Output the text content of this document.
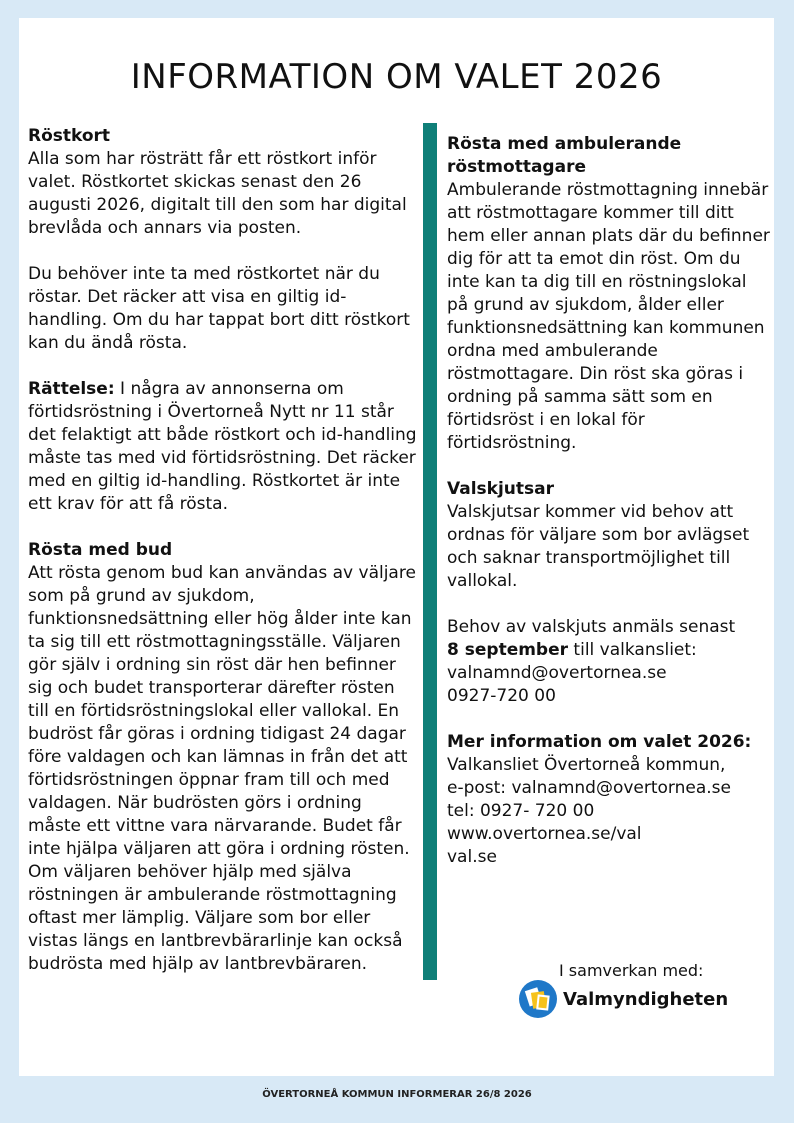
INFORMATION OM VALET 2026
Röstkort

Alla som har rösträtt får ett röstkort inför valet. Röstkortet skickas senast den 26 augusti 2026, digitalt till den som har digital brevlåda och annars via posten.

Du behöver inte ta med röstkortet när du röstar. Det räcker att visa en giltig id-handling. Om du har tappat bort ditt röstkort kan du ändå rösta.

Rättelse: I några av annonserna om förtidsröstning i Övertorneå Nytt nr 11 står det felaktigt att både röstkort och id-handling måste tas med vid förtidsröstning. Det räcker med en giltig id-handling. Röstkortet är inte ett krav för att få rösta.

Rösta med bud

Att rösta genom bud kan användas av väljare som på grund av sjukdom, funktionsnedsättning eller hög ålder inte kan ta sig till ett röstmottagningsställe. Väljaren gör själv i ordning sin röst där hen befinner sig och budet transporterar därefter rösten till en förtidsröstningslokal eller vallokal. En budröst får göras i ordning tidigast 24 dagar före valdagen och kan lämnas in från det att förtidsröstningen öppnar fram till och med valdagen. När budrösten görs i ordning måste ett vittne vara närvarande. Budet får inte hjälpa väljaren att göra i ordning rösten. Om väljaren behöver hjälp med själva röstningen är ambulerande röstmottagning oftast mer lämplig. Väljare som bor eller vistas längs en lantbrevbärarlinje kan också budrösta med hjälp av lantbrevbäraren.

Rösta med ambulerande röstmottagare

Ambulerande röstmottagning innebär att röstmottagare kommer till ditt hem eller annan plats där du befinner dig för att ta emot din röst. Om du inte kan ta dig till en röstningslokal på grund av sjukdom, ålder eller funktionsnedsättning kan kommunen ordna med ambulerande röstmottagare. Din röst ska göras i ordning på samma sätt som en förtidsröst i en lokal för förtidsröstning.

Valskjutsar

Valskjutsar kommer vid behov att ordnas för väljare som bor avlägset och saknar transportmöjlighet till vallokal.

Behov av valskjuts anmäls senast
8 september till valkansliet:
valnamnd@overtornea.se
0927-720 00

Mer information om valet 2026:
Valkansliet Övertorneå kommun,
e-post: valnamnd@overtornea.se
tel: 0927- 720 00
www.overtornea.se/val
val.se
I samverkan med:
Valmyndigheten
ÖVERTORNEÅ KOMMUN INFORMERAR 26/8 2026
